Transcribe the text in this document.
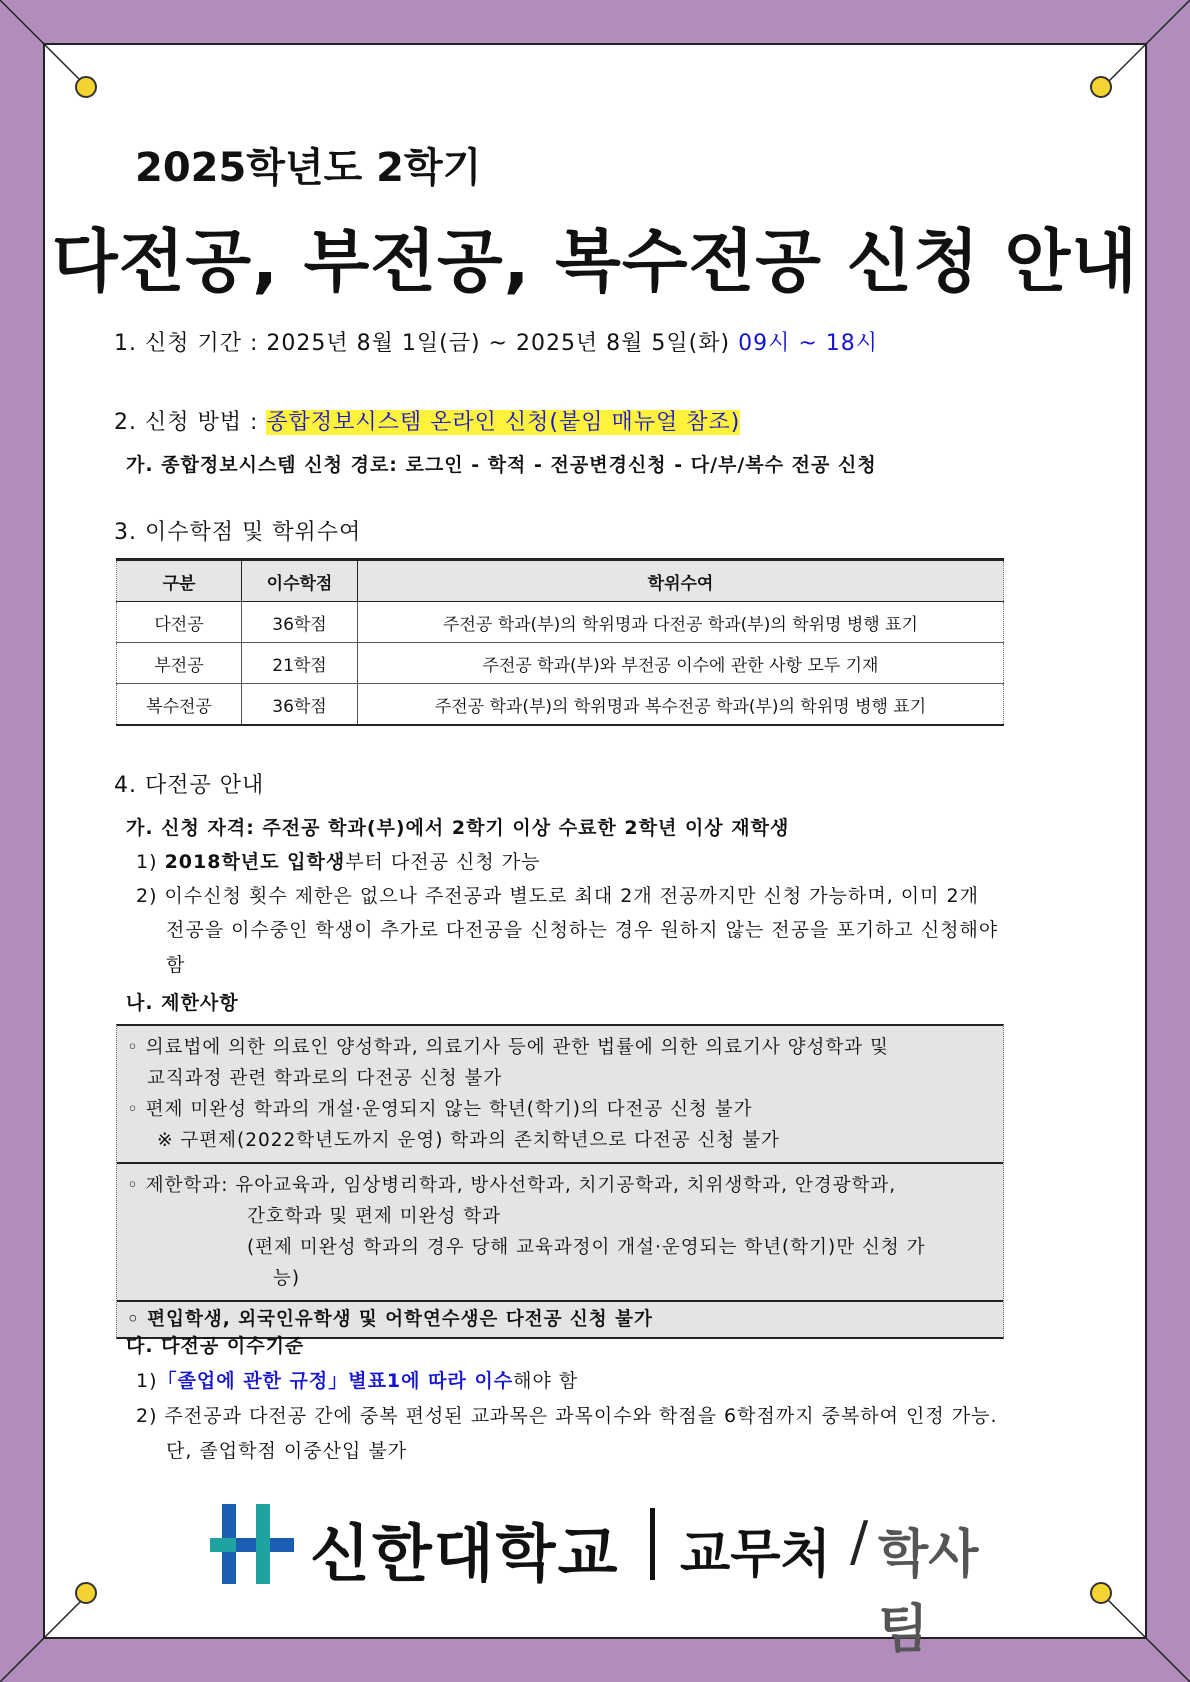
2025학년도 2학기
다전공, 부전공, 복수전공 신청 안내
1. 신청 기간 : 2025년 8월 1일(금) ~ 2025년 8월 5일(화) 09시 ~ 18시
2. 신청 방법 : 종합정보시스템 온라인 신청(붙임 매뉴얼 참조)
가. 종합정보시스템 신청 경로: 로그인 - 학적 - 전공변경신청 - 다/부/복수 전공 신청
3. 이수학점 및 학위수여
구분	이수학점	학위수여
다전공	36학점	주전공 학과(부)의 학위명과 다전공 학과(부)의 학위명 병행 표기
부전공	21학점	주전공 학과(부)와 부전공 이수에 관한 사항 모두 기재
복수전공	36학점	주전공 학과(부)의 학위명과 복수전공 학과(부)의 학위명 병행 표기
4. 다전공 안내
가. 신청 자격: 주전공 학과(부)에서 2학기 이상 수료한 2학년 이상 재학생
1) 2018학년도 입학생부터 다전공 신청 가능
2) 이수신청 횟수 제한은 없으나 주전공과 별도로 최대 2개 전공까지만 신청 가능하며, 이미 2개
전공을 이수중인 학생이 추가로 다전공을 신청하는 경우 원하지 않는 전공을 포기하고 신청해야
함
나. 제한사항
◦ 의료법에 의한 의료인 양성학과, 의료기사 등에 관한 법률에 의한 의료기사 양성학과 및
교직과정 관련 학과로의 다전공 신청 불가
◦ 편제 미완성 학과의 개설·운영되지 않는 학년(학기)의 다전공 신청 불가
※ 구편제(2022학년도까지 운영) 학과의 존치학년으로 다전공 신청 불가
◦ 제한학과: 유아교육과, 임상병리학과, 방사선학과, 치기공학과, 치위생학과, 안경광학과,
간호학과 및 편제 미완성 학과
(편제 미완성 학과의 경우 당해 교육과정이 개설·운영되는 학년(학기)만 신청 가
능)
◦ 편입학생, 외국인유학생 및 어학연수생은 다전공 신청 불가
다. 다전공 이수기준
1)「졸업에 관한 규정」별표1에 따라 이수해야 함
2) 주전공과 다전공 간에 중복 편성된 교과목은 과목이수와 학점을 6학점까지 중복하여 인정 가능.
단, 졸업학점 이중산입 불가
신한대학교 교무처 / 학사팀
